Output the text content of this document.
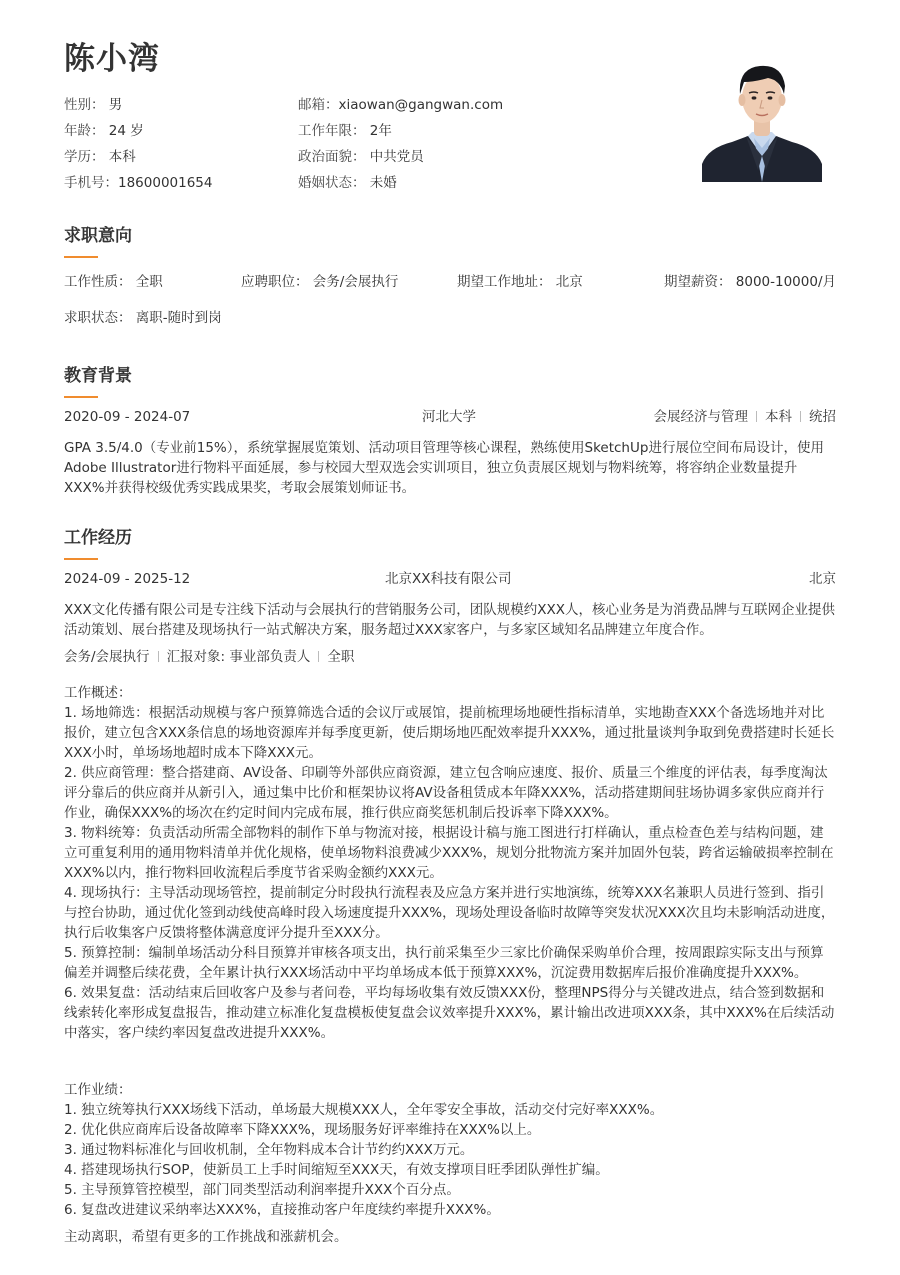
陈小湾
性别： 男	邮箱：xiaowan@gangwan.com
年龄： 24 岁	工作年限： 2年
学历： 本科	政治面貌： 中共党员
手机号：18600001654	婚姻状态： 未婚
求职意向
工作性质： 全职	应聘职位： 会务/会展执行	期望工作地址： 北京	期望薪资： 8000-10000/月
求职状态： 离职-随时到岗
教育背景
2020-09 - 2024-07	河北大学	会展经济与管理 本科 统招
GPA 3.5/4.0（专业前15%），系统掌握展览策划、活动项目管理等核心课程，熟练使用SketchUp进行展位空间布局设计，使用Adobe Illustrator进行物料平面延展，参与校园大型双选会实训项目，独立负责展区规划与物料统筹，将容纳企业数量提升XXX%并获得校级优秀实践成果奖，考取会展策划师证书。
工作经历
2024-09 - 2025-12	北京XX科技有限公司	北京
XXX文化传播有限公司是专注线下活动与会展执行的营销服务公司，团队规模约XXX人，核心业务是为消费品牌与互联网企业提供活动策划、展台搭建及现场执行一站式解决方案，服务超过XXX家客户，与多家区域知名品牌建立年度合作。
会务/会展执行 汇报对象: 事业部负责人 全职
工作概述：
1. 场地筛选：根据活动规模与客户预算筛选合适的会议厅或展馆，提前梳理场地硬性指标清单，实地勘查XXX个备选场地并对比报价，建立包含XXX条信息的场地资源库并每季度更新，使后期场地匹配效率提升XXX%，通过批量谈判争取到免费搭建时长延长XXX小时，单场场地超时成本下降XXX元。
2. 供应商管理：整合搭建商、AV设备、印刷等外部供应商资源，建立包含响应速度、报价、质量三个维度的评估表，每季度淘汰评分靠后的供应商并从新引入，通过集中比价和框架协议将AV设备租赁成本年降XXX%，活动搭建期间驻场协调多家供应商并行作业，确保XXX%的场次在约定时间内完成布展，推行供应商奖惩机制后投诉率下降XXX%。
3. 物料统筹：负责活动所需全部物料的制作下单与物流对接，根据设计稿与施工图进行打样确认，重点检查色差与结构问题，建立可重复利用的通用物料清单并优化规格，使单场物料浪费减少XXX%，规划分批物流方案并加固外包装，跨省运输破损率控制在XXX%以内，推行物料回收流程后季度节省采购金额约XXX元。
4. 现场执行：主导活动现场管控，提前制定分时段执行流程表及应急方案并进行实地演练，统筹XXX名兼职人员进行签到、指引与控台协助，通过优化签到动线使高峰时段入场速度提升XXX%，现场处理设备临时故障等突发状况XXX次且均未影响活动进度，执行后收集客户反馈将整体满意度评分提升至XXX分。
5. 预算控制：编制单场活动分科目预算并审核各项支出，执行前采集至少三家比价确保采购单价合理，按周跟踪实际支出与预算偏差并调整后续花费，全年累计执行XXX场活动中平均单场成本低于预算XXX%，沉淀费用数据库后报价准确度提升XXX%。
6. 效果复盘：活动结束后回收客户及参与者问卷，平均每场收集有效反馈XXX份，整理NPS得分与关键改进点，结合签到数据和线索转化率形成复盘报告，推动建立标准化复盘模板使复盘会议效率提升XXX%，累计输出改进项XXX条，其中XXX%在后续活动中落实，客户续约率因复盘改进提升XXX%。
工作业绩：
1. 独立统筹执行XXX场线下活动，单场最大规模XXX人，全年零安全事故，活动交付完好率XXX%。
2. 优化供应商库后设备故障率下降XXX%，现场服务好评率维持在XXX%以上。
3. 通过物料标准化与回收机制，全年物料成本合计节约约XXX万元。
4. 搭建现场执行SOP，使新员工上手时间缩短至XXX天，有效支撑项目旺季团队弹性扩编。
5. 主导预算管控模型，部门同类型活动利润率提升XXX个百分点。
6. 复盘改进建议采纳率达XXX%，直接推动客户年度续约率提升XXX%。
主动离职，希望有更多的工作挑战和涨薪机会。
